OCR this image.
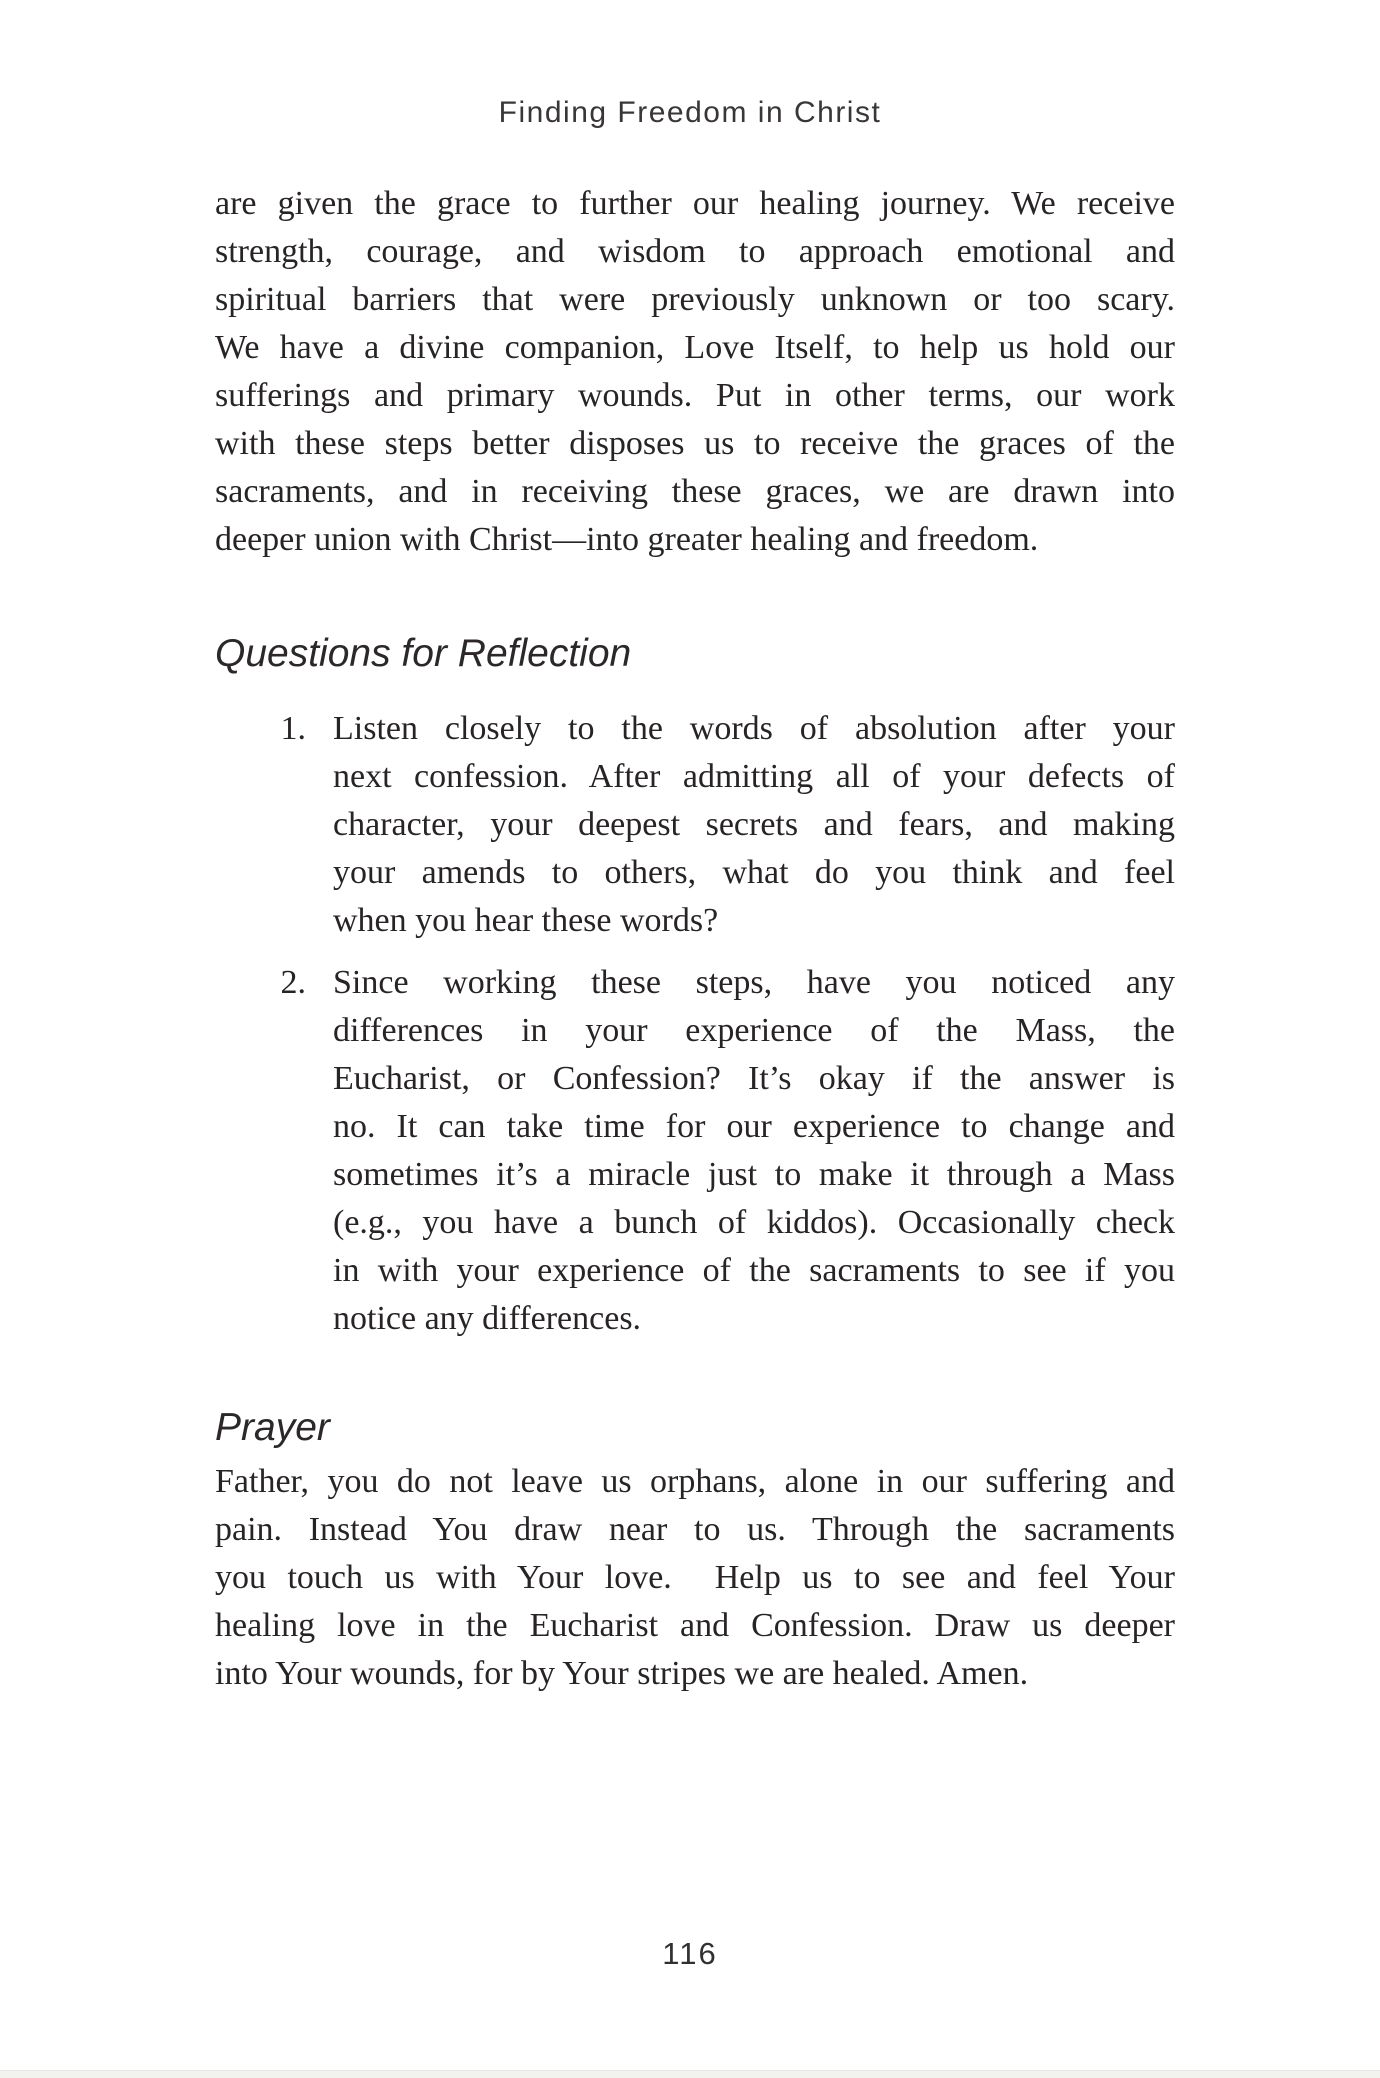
Finding Freedom in Christ
are given the grace to further our healing journey. We receive
strength, courage, and wisdom to approach emotional and
spiritual barriers that were previously unknown or too scary.
We have a divine companion, Love Itself, to help us hold our
sufferings and primary wounds. Put in other terms, our work
with these steps better disposes us to receive the graces of the
sacraments, and in receiving these graces, we are drawn into
deeper union with Christ—into greater healing and freedom.
Questions for Reflection
1. Listen closely to the words of absolution after your
next confession. After admitting all of your defects of
character, your deepest secrets and fears, and making
your amends to others, what do you think and feel
when you hear these words?
2. Since working these steps, have you noticed any
differences in your experience of the Mass, the
Eucharist, or Confession? It’s okay if the answer is
no. It can take time for our experience to change and
sometimes it’s a miracle just to make it through a Mass
(e.g., you have a bunch of kiddos). Occasionally check
in with your experience of the sacraments to see if you
notice any differences.
Prayer
Father, you do not leave us orphans, alone in our suffering and
pain. Instead You draw near to us. Through the sacraments
you touch us with Your love.  Help us to see and feel Your
healing love in the Eucharist and Confession. Draw us deeper
into Your wounds, for by Your stripes we are healed. Amen.
116
